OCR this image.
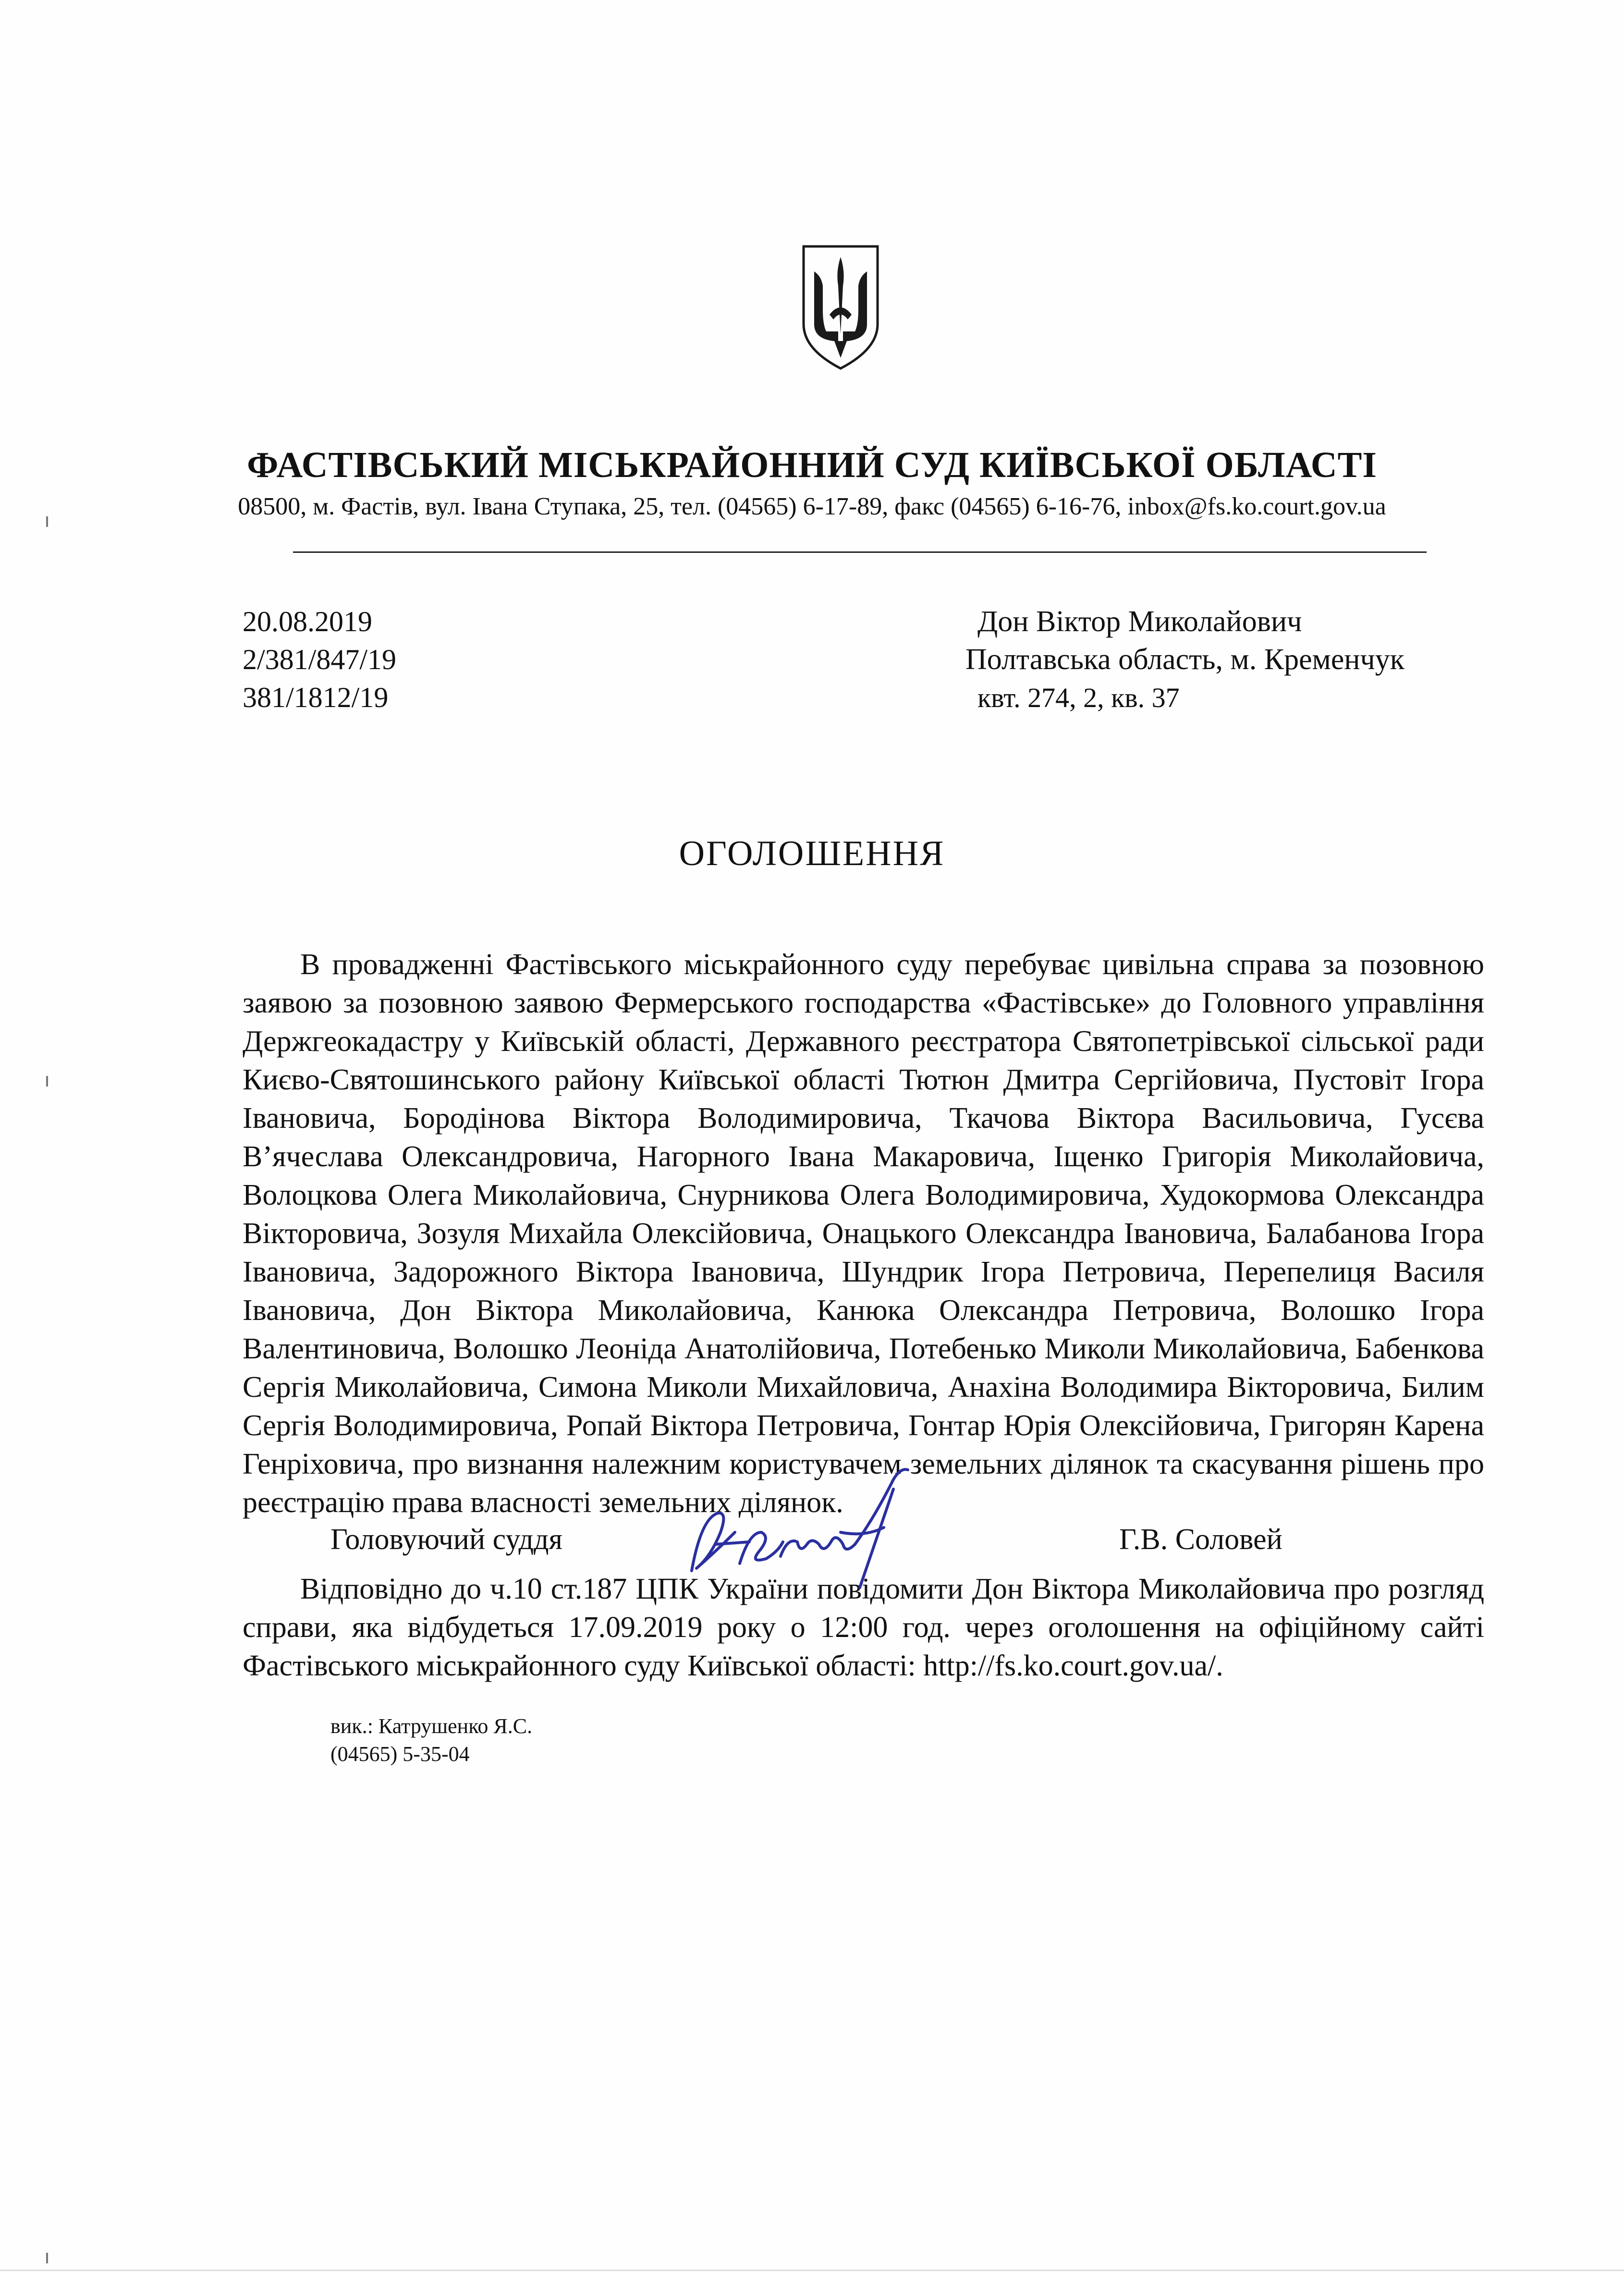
ФАСТІВСЬКИЙ МІСЬКРАЙОННИЙ СУД КИЇВСЬКОЇ ОБЛАСТІ
08500, м. Фастів, вул. Івана Ступака, 25, тел. (04565) 6-17-89, факс (04565) 6-16-76, inbox@fs.ko.court.gov.ua
20.08.2019
2/381/847/19
381/1812/19
Дон Віктор Миколайович
Полтавська область, м. Кременчук
квт. 274, 2, кв. 37
ОГОЛОШЕННЯ
В провадженні Фастівського міськрайонного суду перебуває цивільна справа за позовною заявою за позовною заявою Фермерського господарства «Фастівське» до Головного управління Держгеокадастру у Київській області, Державного реєстратора Святопетрівської сільської ради Києво-Святошинського району Київської області Тютюн Дмитра Сергійовича, Пустовіт Ігора Івановича, Бородінова Віктора Володимировича, Ткачова Віктора Васильовича, Гусєва В’ячеслава Олександровича, Нагорного Івана Макаровича, Іщенко Григорія Миколайовича, Волоцкова Олега Миколайовича, Снурникова Олега Володимировича, Худокормова Олександра Вікторовича, Зозуля Михайла Олексійовича, Онацького Олександра Івановича, Балабанова Ігора Івановича, Задорожного Віктора Івановича, Шундрик Ігора Петровича, Перепелиця Василя Івановича, Дон Віктора Миколайовича, Канюка Олександра Петровича, Волошко Ігора Валентиновича, Волошко Леоніда Анатолійовича, Потебенько Миколи Миколайовича, Бабенкова Сергія Миколайовича, Симона Миколи Михайловича, Анахіна Володимира Вікторовича, Билим Сергія Володимировича, Ропай Віктора Петровича, Гонтар Юрія Олексійовича, Григорян Карена Генріховича, про визнання належним користувачем земельних ділянок та скасування рішень про реєстрацію права власності земельних ділянок.
Відповідно до ч.10 ст.187 ЦПК України повідомити Дон Віктора Миколайовича про розгляд справи, яка відбудеться 17.09.2019 року о 12:00 год. через оголошення на офіційному сайті Фастівського міськрайонного суду Київської області: http://fs.ko.court.gov.ua/.
Головуючий суддя	Г.В. Соловей
вик.: Катрушенко Я.С.
(04565) 5-35-04
